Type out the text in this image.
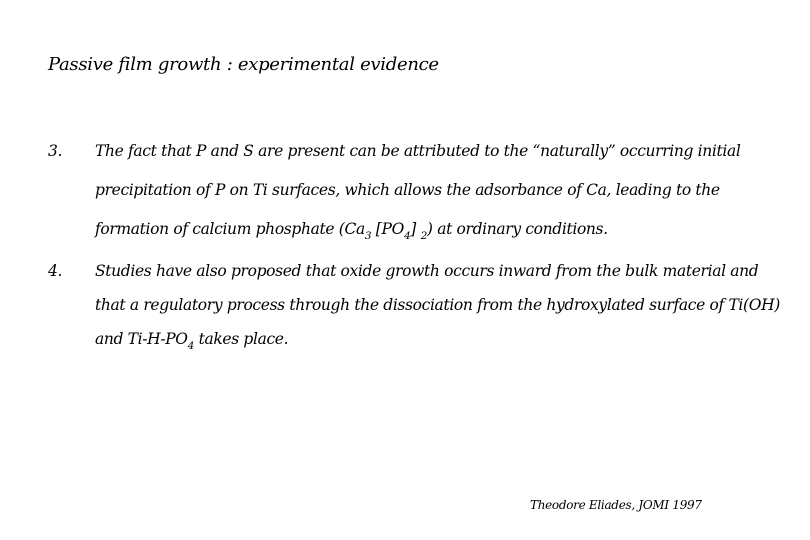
Passive film growth : experimental evidence
3. The fact that P and S are present can be attributed to the “naturally” occurring initial
precipitation of P on Ti surfaces, which allows the adsorbance of Ca, leading to the
formation of calcium phosphate ($Ca_3$ $[PO_4]$ $_2$) at ordinary conditions.
4. Studies have also proposed that oxide growth occurs inward from the bulk material and
that a regulatory process through the dissociation from the hydroxylated surface of Ti(OH)
and $Ti-H-PO_4$ takes place.
Theodore Eliades, JOMI 1997
